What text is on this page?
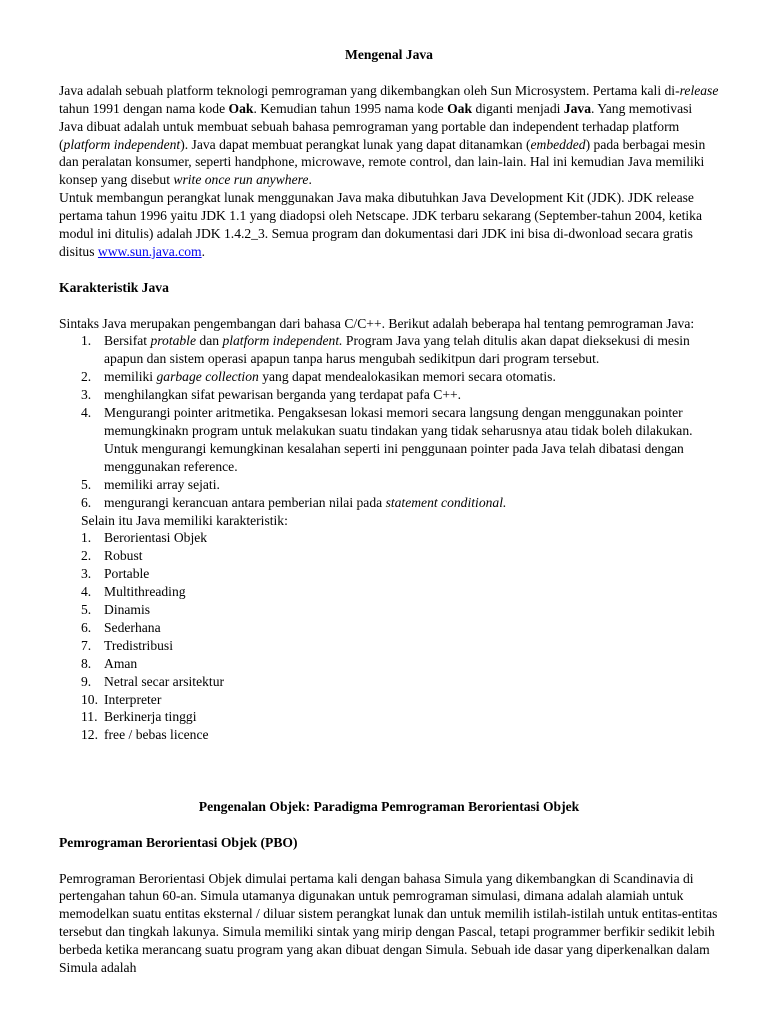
Mengenal Java

Java adalah sebuah platform teknologi pemrograman yang dikembangkan oleh Sun Microsystem. Pertama kali di-release tahun 1991 dengan nama kode Oak. Kemudian tahun 1995 nama kode Oak diganti menjadi Java. Yang memotivasi Java dibuat adalah untuk membuat sebuah bahasa pemrograman yang portable dan independent terhadap platform (platform independent). Java dapat membuat perangkat lunak yang dapat ditanamkan (embedded) pada berbagai mesin dan peralatan konsumer, seperti handphone, microwave, remote control, dan lain-lain. Hal ini kemudian Java memiliki konsep yang disebut write once run anywhere.

Untuk membangun perangkat lunak menggunakan Java maka dibutuhkan Java Development Kit (JDK). JDK release pertama tahun 1996 yaitu JDK 1.1 yang diadopsi oleh Netscape. JDK terbaru sekarang (September-tahun 2004, ketika modul ini ditulis) adalah JDK 1.4.2_3. Semua program dan dokumentasi dari JDK ini bisa di-dwonload secara gratis disitus www.sun.java.com.

Karakteristik Java

Sintaks Java merupakan pengembangan dari bahasa C/C++. Berikut adalah beberapa hal tentang pemrograman Java:

1. Bersifat protable dan platform independent. Program Java yang telah ditulis akan dapat dieksekusi di mesin apapun dan sistem operasi apapun tanpa harus mengubah sedikitpun dari program tersebut.
2. memiliki garbage collection yang dapat mendealokasikan memori secara otomatis.
3. menghilangkan sifat pewarisan berganda yang terdapat pafa C++.
4. Mengurangi pointer aritmetika. Pengaksesan lokasi memori secara langsung dengan menggunakan pointer memungkinakn program untuk melakukan suatu tindakan yang tidak seharusnya atau tidak boleh dilakukan. Untuk mengurangi kemungkinan kesalahan seperti ini penggunaan pointer pada Java telah dibatasi dengan menggunakan reference.
5. memiliki array sejati.
6. mengurangi kerancuan antara pemberian nilai pada statement conditional.

Selain itu Java memiliki karakteristik:

1. Berorientasi Objek
2. Robust
3. Portable
4. Multithreading
5. Dinamis
6. Sederhana
7. Tredistribusi
8. Aman
9. Netral secar arsitektur
10. Interpreter
11. Berkinerja tinggi
12. free / bebas licence

Pengenalan Objek: Paradigma Pemrograman Berorientasi Objek

Pemrograman Berorientasi Objek (PBO)

Pemrograman Berorientasi Objek dimulai pertama kali dengan bahasa Simula yang dikembangkan di Scandinavia di pertengahan tahun 60-an. Simula utamanya digunakan untuk pemrograman simulasi, dimana adalah alamiah untuk memodelkan suatu entitas eksternal / diluar sistem perangkat lunak dan untuk memilih istilah-istilah untuk entitas-entitas tersebut dan tingkah lakunya. Simula memiliki sintak yang mirip dengan Pascal, tetapi programmer berfikir sedikit lebih berbeda ketika merancang suatu program yang akan dibuat dengan Simula. Sebuah ide dasar yang diperkenalkan dalam Simula adalah
